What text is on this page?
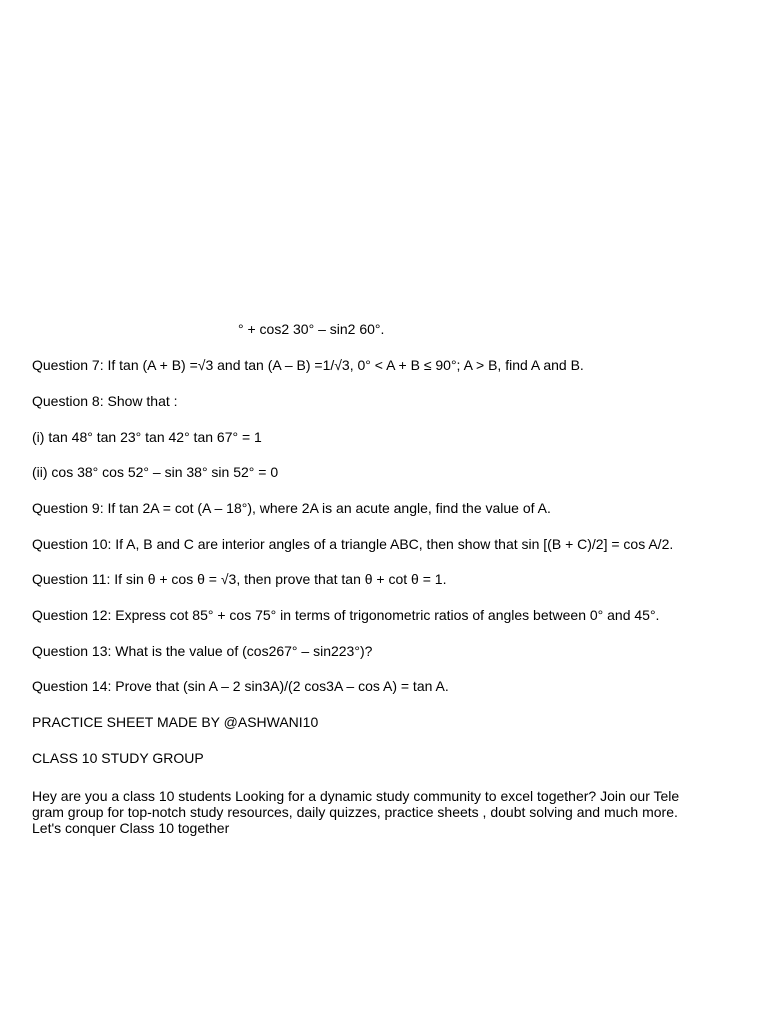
° + cos2 30° – sin2 60°.
Question 7: If tan (A + B) =√3 and tan (A – B) =1/√3, 0° < A + B ≤ 90°; A > B, find A and B.
Question 8: Show that :
(i) tan 48° tan 23° tan 42° tan 67° = 1
(ii) cos 38° cos 52° – sin 38° sin 52° = 0
Question 9: If tan 2A = cot (A – 18°), where 2A is an acute angle, find the value of A.
Question 10: If A, B and C are interior angles of a triangle ABC, then show that sin [(B + C)/2] = cos A/2.
Question 11: If sin θ + cos θ = √3, then prove that tan θ + cot θ = 1.
Question 12: Express cot 85° + cos 75° in terms of trigonometric ratios of angles between 0° and 45°.
Question 13: What is the value of (cos267° – sin223°)?
Question 14: Prove that (sin A – 2 sin3A)/(2 cos3A – cos A) = tan A.
PRACTICE SHEET MADE BY @ASHWANI10
CLASS 10 STUDY GROUP
Hey are you a class 10 students Looking for a dynamic study community to excel together? Join our Tele
gram group for top-notch study resources, daily quizzes, practice sheets , doubt solving and much more.
Let's conquer Class 10 together
